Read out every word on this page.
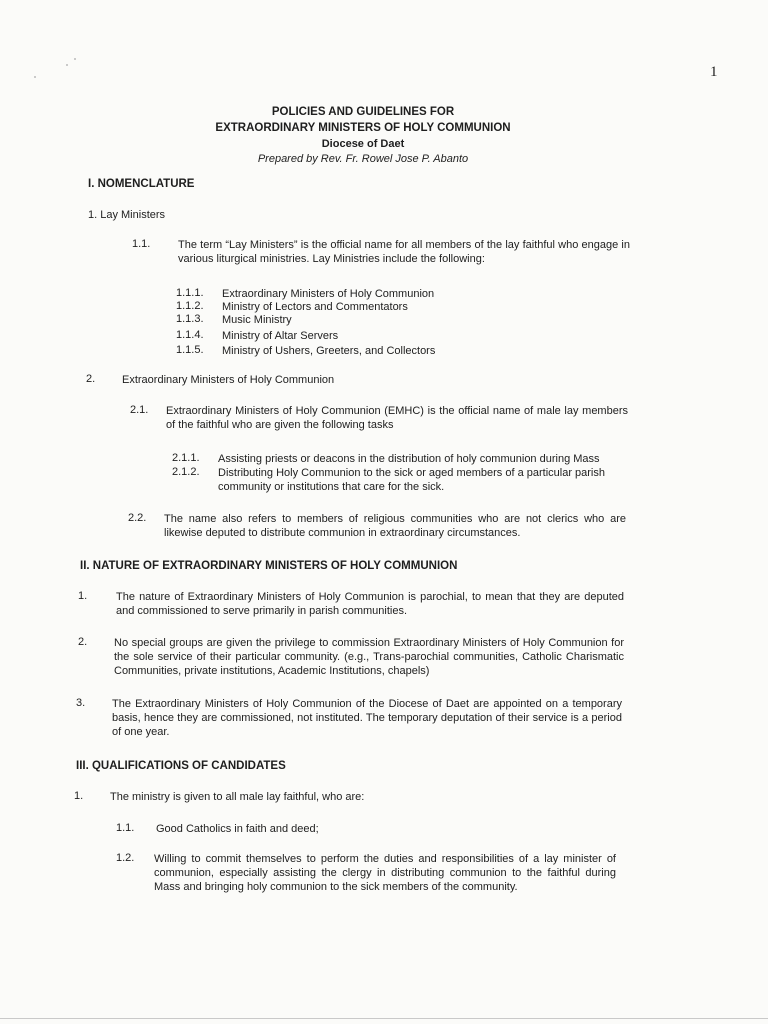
1
POLICIES AND GUIDELINES FOR
EXTRAORDINARY MINISTERS OF HOLY COMMUNION
Diocese of Daet
Prepared by Rev. Fr. Rowel Jose P. Abanto
I. NOMENCLATURE
1. Lay Ministers
1.1.	The term “Lay Ministers” is the official name for all members of the lay faithful who engage in various liturgical ministries. Lay Ministries include the following:
1.1.1. Extraordinary Ministers of Holy Communion
1.1.2. Ministry of Lectors and Commentators
1.1.3. Music Ministry
1.1.4. Ministry of Altar Servers
1.1.5. Ministry of Ushers, Greeters, and Collectors
2. Extraordinary Ministers of Holy Communion
2.1. Extraordinary Ministers of Holy Communion (EMHC) is the official name of male lay members of the faithful who are given the following tasks
2.1.1. Assisting priests or deacons in the distribution of holy communion during Mass
2.1.2. Distributing Holy Communion to the sick or aged members of a particular parish community or institutions that care for the sick.
2.2. The name also refers to members of religious communities who are not clerics who are likewise deputed to distribute communion in extraordinary circumstances.
II. NATURE OF EXTRAORDINARY MINISTERS OF HOLY COMMUNION
1.	The nature of Extraordinary Ministers of Holy Communion is parochial, to mean that they are deputed and commissioned to serve primarily in parish communities.
2. No special groups are given the privilege to commission Extraordinary Ministers of Holy Communion for the sole service of their particular community. (e.g., Trans-parochial communities, Catholic Charismatic Communities, private institutions, Academic Institutions, chapels)
3. The Extraordinary Ministers of Holy Communion of the Diocese of Daet are appointed on a temporary basis, hence they are commissioned, not instituted. The temporary deputation of their service is a period of one year.
III. QUALIFICATIONS OF CANDIDATES
1. The ministry is given to all male lay faithful, who are:
1.1. Good Catholics in faith and deed;
1.2. Willing to commit themselves to perform the duties and responsibilities of a lay minister of communion, especially assisting the clergy in distributing communion to the faithful during Mass and bringing holy communion to the sick members of the community.
